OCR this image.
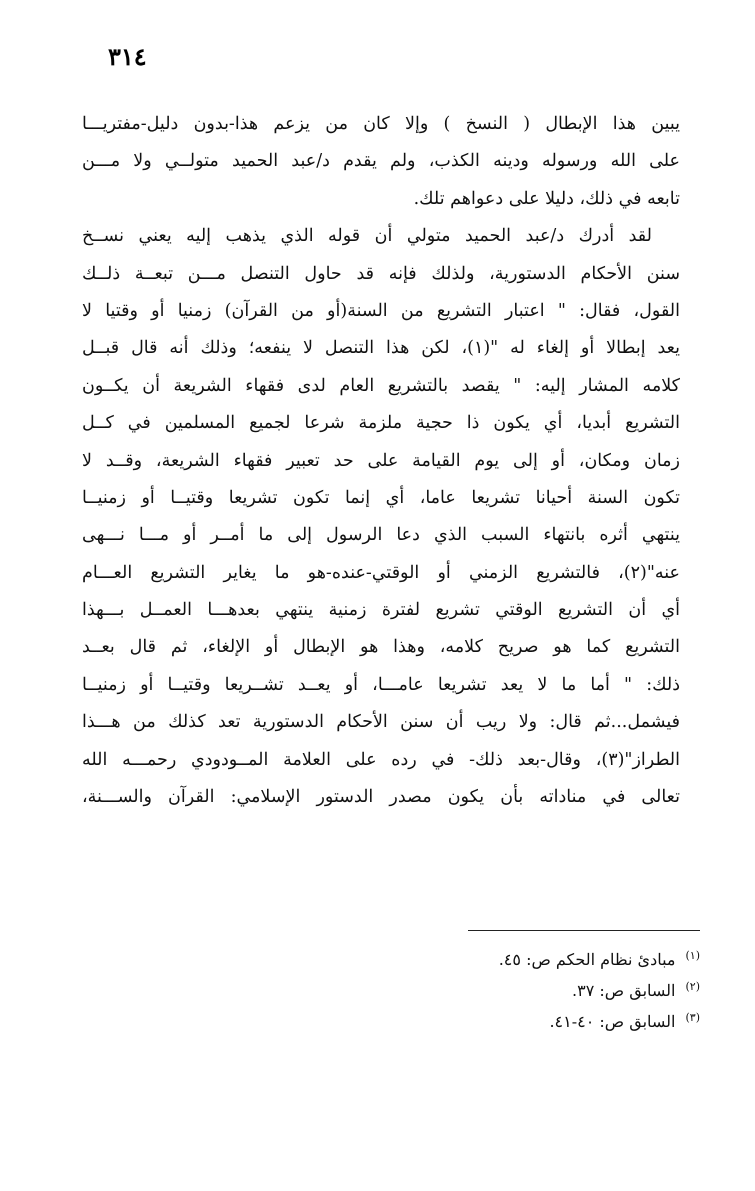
٣١٤
يبين هذا الإبطال ( النسخ ) وإلا كان من يزعم هذا-بدون دليل-مفتريـــا
على الله ورسوله ودينه الكذب، ولم يقدم د/عبد الحميد متولــي ولا مـــن
تابعه في ذلك، دليلا على دعواهم تلك.
لقد أدرك د/عبد الحميد متولي أن قوله الذي يذهب إليه يعني نســخ
سنن الأحكام الدستورية، ولذلك فإنه قد حاول التنصل مـــن تبعــة ذلــك
القول، فقال: " اعتبار التشريع من السنة(أو من القرآن) زمنيا أو وقتيا لا
يعد إبطالا أو إلغاء له "(١)، لكن هذا التنصل لا ينفعه؛ وذلك أنه قال قبــل
كلامه المشار إليه: " يقصد بالتشريع العام لدى فقهاء الشريعة أن يكــون
التشريع أبديا، أي يكون ذا حجية ملزمة شرعا لجميع المسلمين في كــل
زمان ومكان، أو إلى يوم القيامة على حد تعبير فقهاء الشريعة، وقــد لا
تكون السنة أحيانا تشريعا عاما، أي إنما تكون تشريعا وقتيــا أو زمنيــا
ينتهي أثره بانتهاء السبب الذي دعا الرسول إلى ما أمــر أو مـــا نـــهى
عنه"(٢)، فالتشريع الزمني أو الوقتي-عنده-هو ما يغاير التشريع العـــام
أي أن التشريع الوقتي تشريع لفترة زمنية ينتهي بعدهـــا العمــل بـــهذا
التشريع كما هو صريح كلامه، وهذا هو الإبطال أو الإلغاء، ثم قال بعــد
ذلك: " أما ما لا يعد تشريعا عامـــا، أو يعــد تشــريعا وقتيــا أو زمنيــا
فيشمل...ثم قال: ولا ريب أن سنن الأحكام الدستورية تعد كذلك من هـــذا
الطراز"(٣)، وقال-بعد ذلك- في رده على العلامة المــودودي رحمـــه الله
تعالى في مناداته بأن يكون مصدر الدستور الإسلامي: القرآن والســـنة،
$^{(١)}$مبادئ نظام الحكم ص: ٤٥.
$^{(٢)}$السابق ص: ٣٧.
$^{(٣)}$السابق ص: ٤٠-٤١.
